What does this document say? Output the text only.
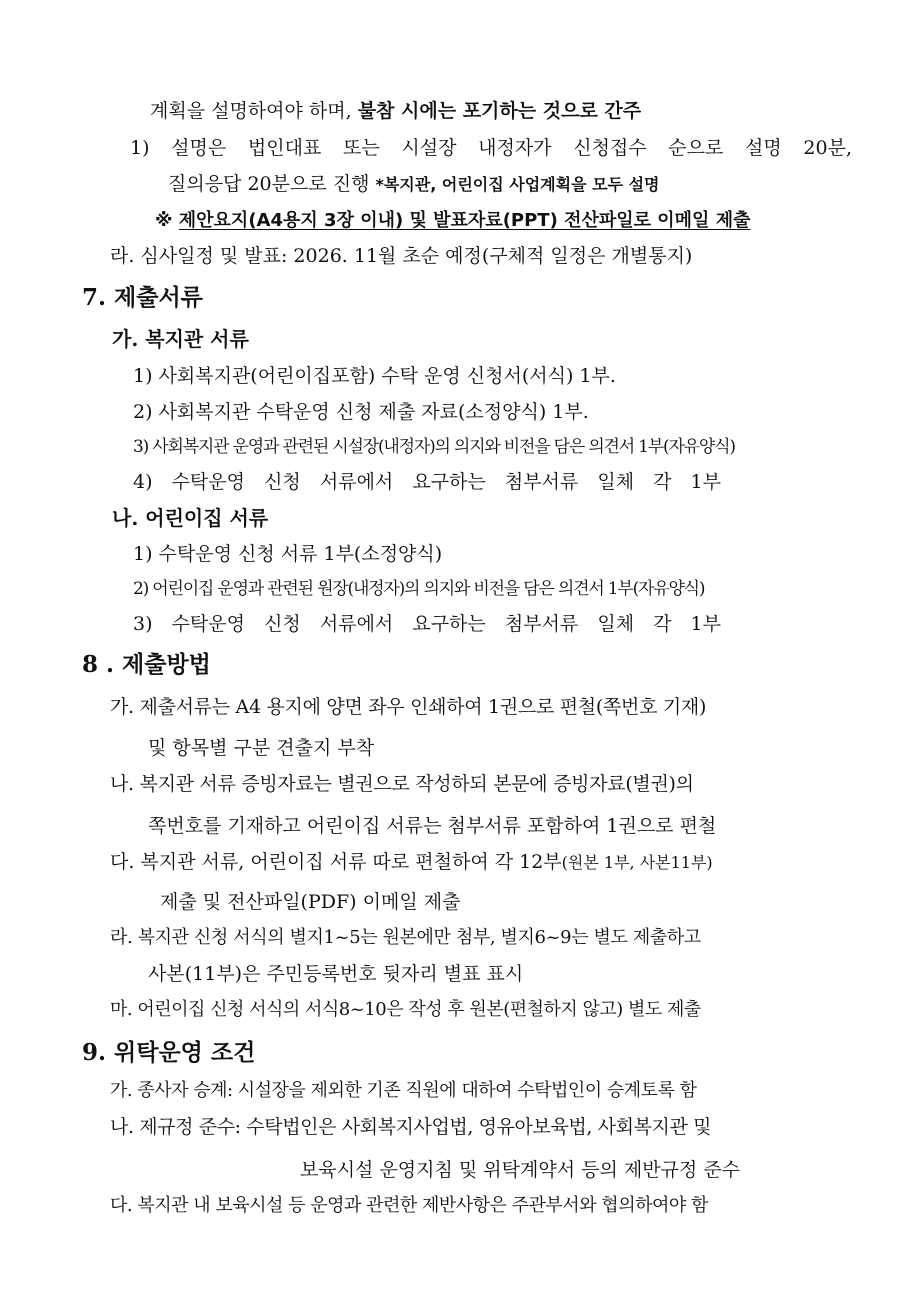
계획을 설명하여야 하며, 불참 시에는 포기하는 것으로 간주
1) 설명은 법인대표 또는 시설장 내정자가 신청접수 순으로 설명 20분,
질의응답 20분으로 진행 *복지관, 어린이집 사업계획을 모두 설명
※ 제안요지(A4용지 3장 이내) 및 발표자료(PPT) 전산파일로 이메일 제출
라. 심사일정 및 발표: 2026. 11월 초순 예정(구체적 일정은 개별통지)
7. 제출서류
가. 복지관 서류
1) 사회복지관(어린이집포함) 수탁 운영 신청서(서식) 1부.
2) 사회복지관 수탁운영 신청 제출 자료(소정양식) 1부.
3) 사회복지관 운영과 관련된 시설장(내정자)의 의지와 비전을 담은 의견서 1부(자유양식)
4) 수탁운영 신청 서류에서 요구하는 첨부서류 일체 각 1부
나. 어린이집 서류
1) 수탁운영 신청 서류 1부(소정양식)
2) 어린이집 운영과 관련된 원장(내정자)의 의지와 비전을 담은 의견서 1부(자유양식)
3) 수탁운영 신청 서류에서 요구하는 첨부서류 일체 각 1부
8 . 제출방법
가. 제출서류는 A4 용지에 양면 좌우 인쇄하여 1권으로 편철(쪽번호 기재)
및 항목별 구분 견출지 부착
나. 복지관 서류 증빙자료는 별권으로 작성하되 본문에 증빙자료(별권)의
쪽번호를 기재하고 어린이집 서류는 첨부서류 포함하여 1권으로 편철
다. 복지관 서류, 어린이집 서류 따로 편철하여 각 12부(원본 1부, 사본11부)
제출 및 전산파일(PDF) 이메일 제출
라. 복지관 신청 서식의 별지1~5는 원본에만 첨부, 별지6~9는 별도 제출하고
사본(11부)은 주민등록번호 뒷자리 별표 표시
마. 어린이집 신청 서식의 서식8~10은 작성 후 원본(편철하지 않고) 별도 제출
9. 위탁운영 조건
가. 종사자 승계: 시설장을 제외한 기존 직원에 대하여 수탁법인이 승계토록 함
나. 제규정 준수: 수탁법인은 사회복지사업법, 영유아보육법, 사회복지관 및
보육시설 운영지침 및 위탁계약서 등의 제반규정 준수
다. 복지관 내 보육시설 등 운영과 관련한 제반사항은 주관부서와 협의하여야 함
